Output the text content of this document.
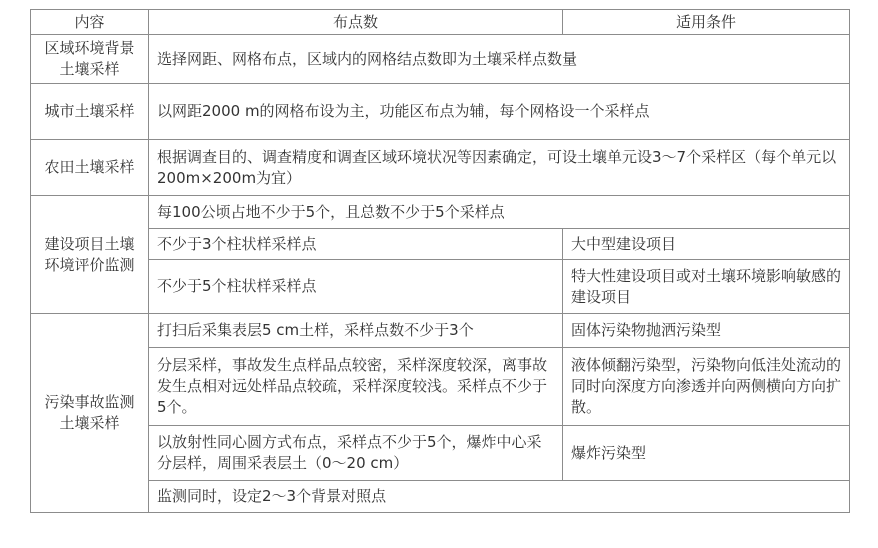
内容	布点数	适用条件
区域环境背景土壤采样	选择网距、网格布点，区域内的网格结点数即为土壤采样点数量	
城市土壤采样	以网距2000 m的网格布设为主，功能区布点为辅，每个网格设一个采样点	
农田土壤采样	根据调查目的、调查精度和调查区域环境状况等因素确定，可设土壤单元设3～7个采样区（每个单元以200m×200m为宜）	
建设项目土壤环境评价监测	每100公顷占地不少于5个，且总数不少于5个采样点	
	不少于3个柱状样采样点	大中型建设项目
	不少于5个柱状样采样点	特大性建设项目或对土壤环境影响敏感的建设项目
污染事故监测土壤采样	打扫后采集表层5 cm土样，采样点数不少于3个	固体污染物抛洒污染型
	分层采样，事故发生点样品点较密，采样深度较深，离事故发生点相对远处样品点较疏，采样深度较浅。采样点不少于5个。	液体倾翻污染型，污染物向低洼处流动的同时向深度方向渗透并向两侧横向方向扩散。
	以放射性同心圆方式布点，采样点不少于5个，爆炸中心采分层样，周围采表层土（0～20 cm）	爆炸污染型
	监测同时，设定2～3个背景对照点	
